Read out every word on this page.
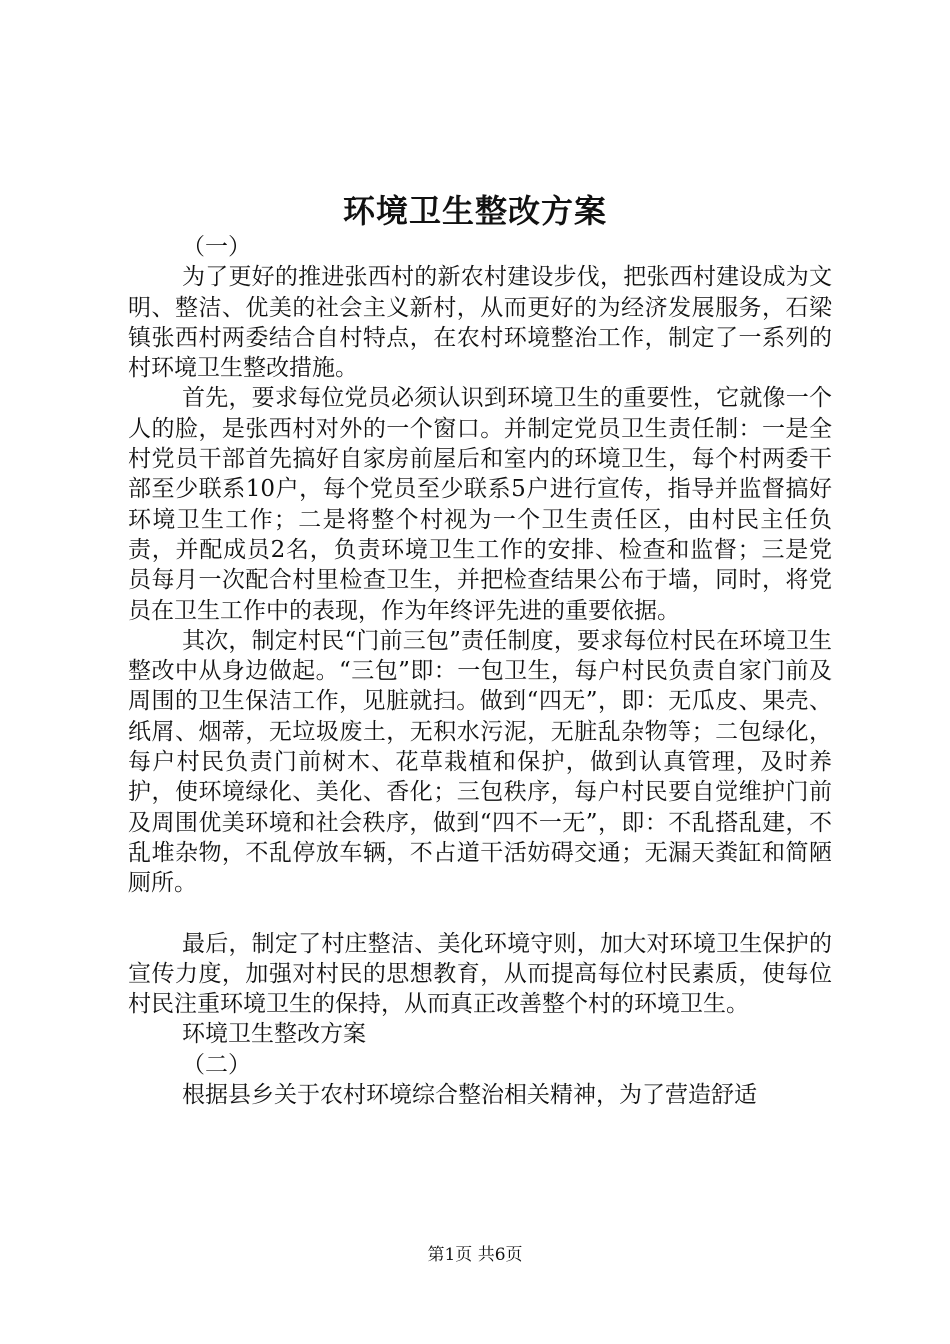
环境卫生整改方案

（一）

为了更好的推进张西村的新农村建设步伐，把张西村建设成为文明、整洁、优美的社会主义新村，从而更好的为经济发展服务，石梁镇张西村两委结合自村特点，在农村环境整治工作，制定了一系列的村环境卫生整改措施。

首先，要求每位党员必须认识到环境卫生的重要性，它就像一个人的脸，是张西村对外的一个窗口。并制定党员卫生责任制：一是全村党员干部首先搞好自家房前屋后和室内的环境卫生，每个村两委干部至少联系10户，每个党员至少联系5户进行宣传，指导并监督搞好环境卫生工作；二是将整个村视为一个卫生责任区，由村民主任负责，并配成员2名，负责环境卫生工作的安排、检查和监督；三是党员每月一次配合村里检查卫生，并把检查结果公布于墙，同时，将党员在卫生工作中的表现，作为年终评先进的重要依据。

其次，制定村民“门前三包”责任制度，要求每位村民在环境卫生整改中从身边做起。“三包”即：一包卫生，每户村民负责自家门前及周围的卫生保洁工作，见脏就扫。做到“四无”，即：无瓜皮、果壳、纸屑、烟蒂，无垃圾废土，无积水污泥，无脏乱杂物等；二包绿化，每户村民负责门前树木、花草栽植和保护，做到认真管理，及时养护，使环境绿化、美化、香化；三包秩序，每户村民要自觉维护门前及周围优美环境和社会秩序，做到“四不一无”，即：不乱搭乱建，不乱堆杂物，不乱停放车辆，不占道干活妨碍交通；无漏天粪缸和简陋厕所。

最后，制定了村庄整洁、美化环境守则，加大对环境卫生保护的宣传力度，加强对村民的思想教育，从而提高每位村民素质，使每位村民注重环境卫生的保持，从而真正改善整个村的环境卫生。

环境卫生整改方案

（二）

根据县乡关于农村环境综合整治相关精神，为了营造舒适

第1页 共6页
